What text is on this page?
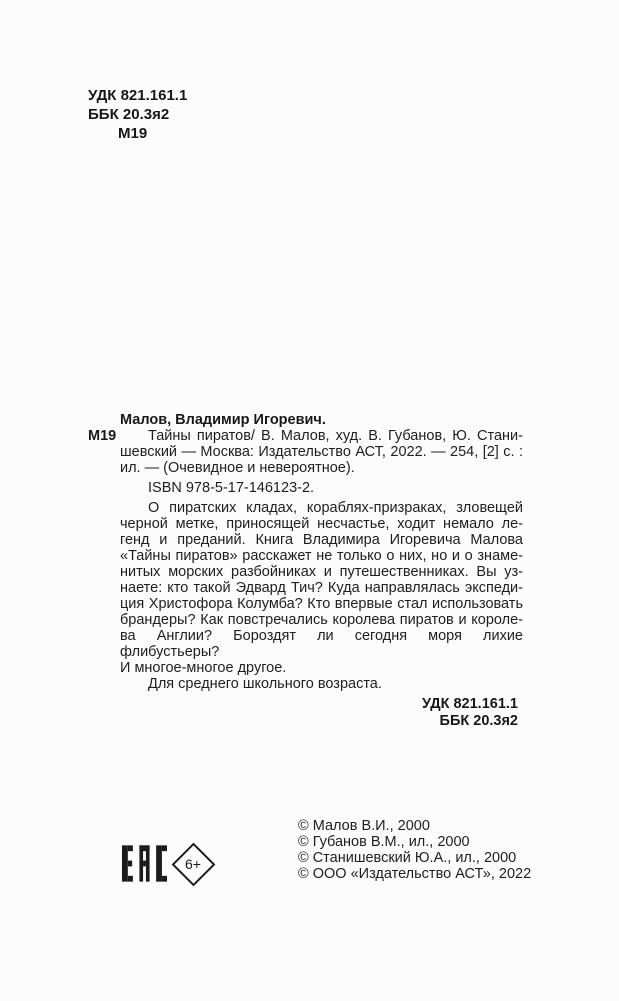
УДК 821.161.1
ББК 20.3я2
М19
М19
Малов, Владимир Игоревич.
Тайны пиратов/ В. Малов, худ. В. Губанов, Ю. Стани-
шевский — Москва: Издательство АСТ, 2022. — 254, [2] с. :
ил. — (Очевидное и невероятное).
ISBN 978-5-17-146123-2.
О пиратских кладах, кораблях-призраках, зловещей
черной метке, приносящей несчастье, ходит немало ле-
генд и преданий. Книга Владимира Игоревича Малова
«Тайны пиратов» расскажет не только о них, но и о знаме-
нитых морских разбойниках и путешественниках. Вы уз-
наете: кто такой Эдвард Тич? Куда направлялась экспеди-
ция Христофора Колумба? Кто впервые стал использовать
брандеры? Как повстречались королева пиратов и короле-
ва Англии? Бороздят ли сегодня моря лихие флибустьеры?
И многое-многое другое.
Для среднего школьного возраста.
УДК 821.161.1
ББК 20.3я2
6+
© Малов В.И., 2000
© Губанов В.М., ил., 2000
© Станишевский Ю.А., ил., 2000
© ООО «Издательство АСТ», 2022
